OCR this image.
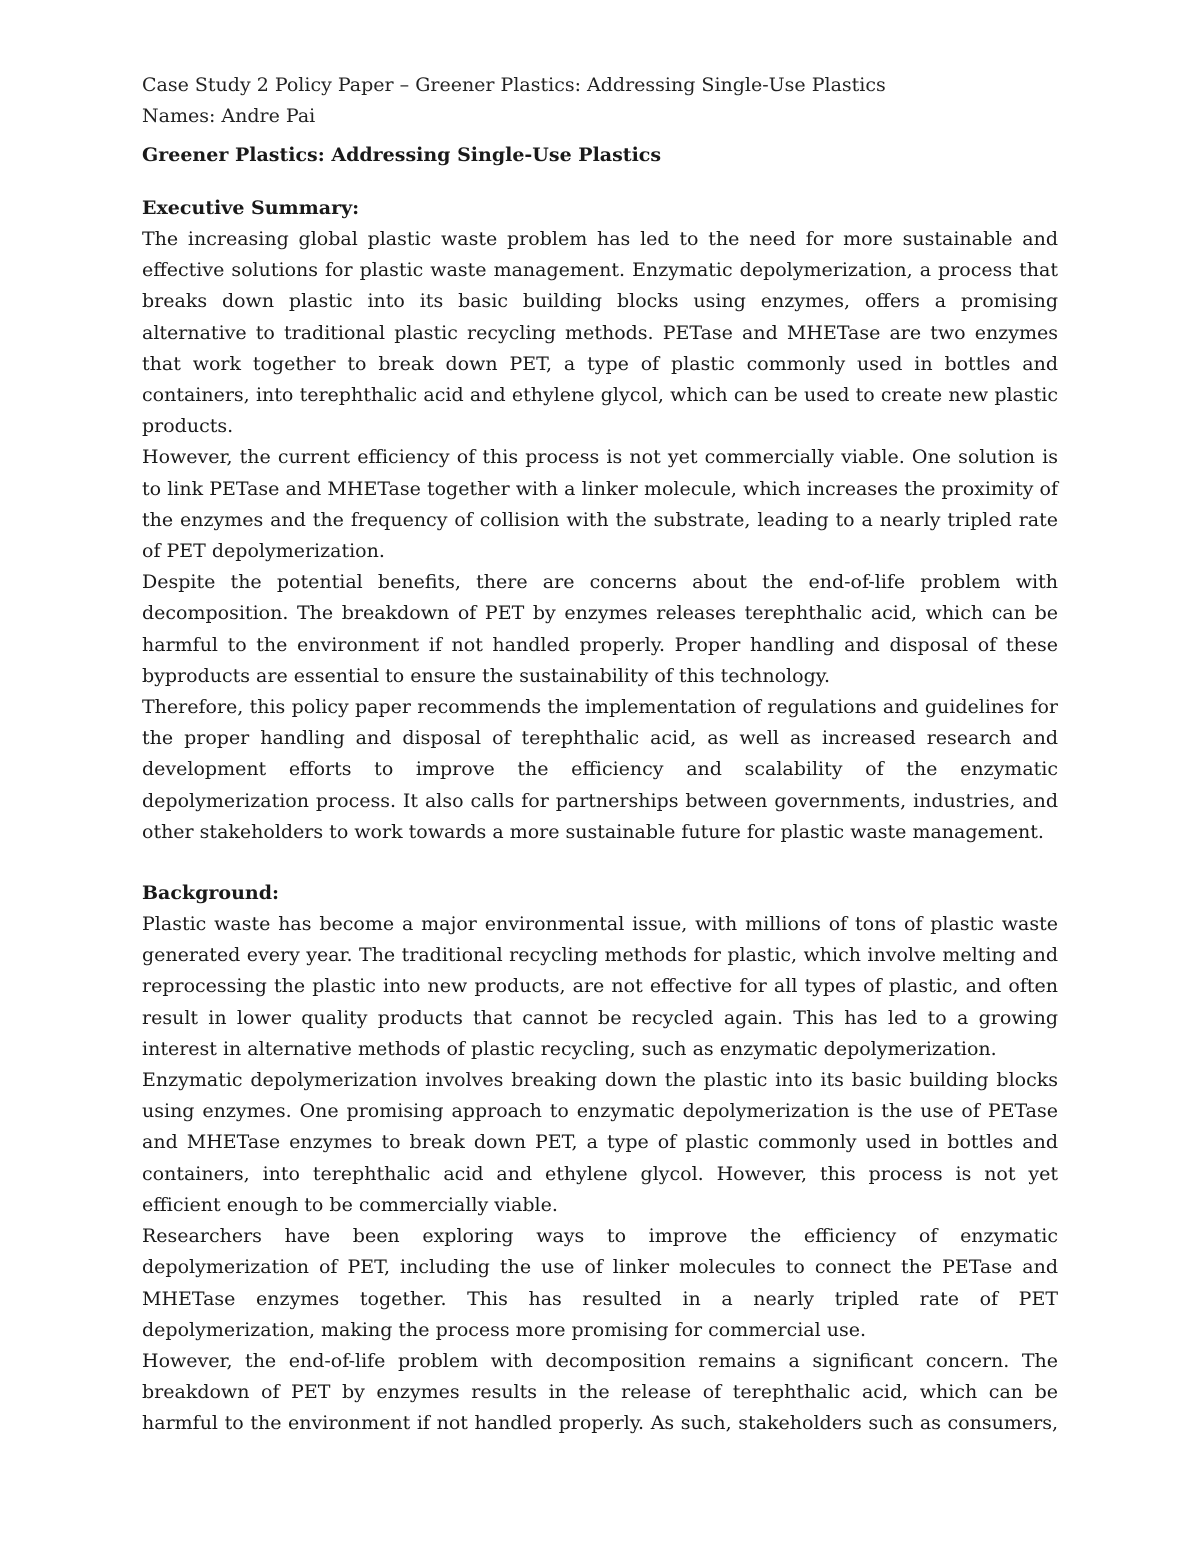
Case Study 2 Policy Paper – Greener Plastics: Addressing Single-Use Plastics

Names: Andre Pai

Greener Plastics: Addressing Single-Use Plastics

Executive Summary:

The increasing global plastic waste problem has led to the need for more sustainable and effective solutions for plastic waste management. Enzymatic depolymerization, a process that breaks down plastic into its basic building blocks using enzymes, offers a promising alternative to traditional plastic recycling methods. PETase and MHETase are two enzymes that work together to break down PET, a type of plastic commonly used in bottles and containers, into terephthalic acid and ethylene glycol, which can be used to create new plastic products.

However, the current efficiency of this process is not yet commercially viable. One solution is to link PETase and MHETase together with a linker molecule, which increases the proximity of the enzymes and the frequency of collision with the substrate, leading to a nearly tripled rate of PET depolymerization.

Despite the potential benefits, there are concerns about the end-of-life problem with decomposition. The breakdown of PET by enzymes releases terephthalic acid, which can be harmful to the environment if not handled properly. Proper handling and disposal of these byproducts are essential to ensure the sustainability of this technology.

Therefore, this policy paper recommends the implementation of regulations and guidelines for the proper handling and disposal of terephthalic acid, as well as increased research and development efforts to improve the efficiency and scalability of the enzymatic depolymerization process. It also calls for partnerships between governments, industries, and other stakeholders to work towards a more sustainable future for plastic waste management.

Background:

Plastic waste has become a major environmental issue, with millions of tons of plastic waste generated every year. The traditional recycling methods for plastic, which involve melting and reprocessing the plastic into new products, are not effective for all types of plastic, and often result in lower quality products that cannot be recycled again. This has led to a growing interest in alternative methods of plastic recycling, such as enzymatic depolymerization.

Enzymatic depolymerization involves breaking down the plastic into its basic building blocks using enzymes. One promising approach to enzymatic depolymerization is the use of PETase and MHETase enzymes to break down PET, a type of plastic commonly used in bottles and containers, into terephthalic acid and ethylene glycol. However, this process is not yet efficient enough to be commercially viable.

Researchers have been exploring ways to improve the efficiency of enzymatic depolymerization of PET, including the use of linker molecules to connect the PETase and MHETase enzymes together. This has resulted in a nearly tripled rate of PET depolymerization, making the process more promising for commercial use.

However, the end-of-life problem with decomposition remains a significant concern. The breakdown of PET by enzymes results in the release of terephthalic acid, which can be harmful to the environment if not handled properly. As such, stakeholders such as consumers,
